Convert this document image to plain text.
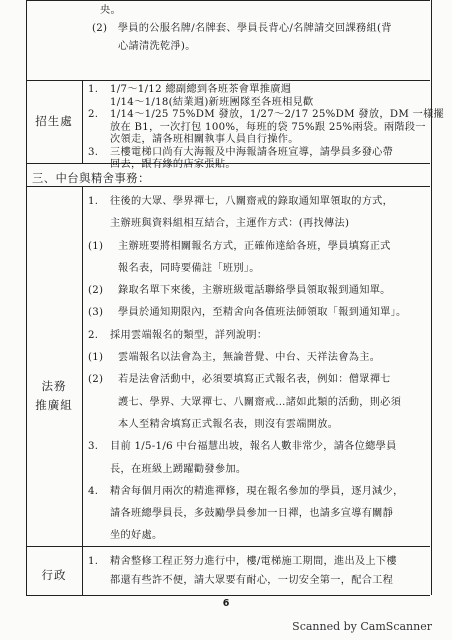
央。
(2)　學員的公服名牌/名牌套、學員長背心/名牌請交回課務組(背
心請清洗乾淨)。
招生處
1. 1/7～1/12 總副總到各班茶會單推廣週
1/14～1/18(結業週)新班團隊至各班相見歡
2. 1/14～1/25 75%DM 發放，1/27～2/17 25%DM 發放，DM 一樣擺
放在 B1，一次打包 100%，每班的袋 75%跟 25%兩袋。兩階段一
次領走，請各班相關執事人員自行操作。
3. 三樓電梯口尚有大海報及中海報請各班宣導，請學員多發心帶
回去，跟有緣的店家張貼。
三、中台與精舍事務：
法務
推廣組
1. 往後的大眾、學界禪七，八關齋戒的錄取通知單領取的方式，
主辦班與資料組相互結合，主運作方式：(再找傳法)
(1) 主辦班要將相關報名方式，正確佈達給各班，學員填寫正式
報名表，同時要備註「班別」。
(2) 錄取名單下來後，主辦班級電話聯絡學員領取報到通知單。
(3) 學員於通知期限內，至精舍向各值班法師領取「報到通知單」。
2. 採用雲端報名的類型，詳列說明：
(1) 雲端報名以法會為主，無論普覺、中台、天祥法會為主。
(2) 若是法會活動中，必須要填寫正式報名表，例如：僧眾禪七
護七、學界、大眾禪七、八關齋戒…諸如此類的活動，則必須
本人至精舍填寫正式報名表，則沒有雲端開放。
3. 目前 1/5-1/6 中台福慧出坡，報名人數非常少，請各位總學員
長，在班級上踴躍勸發參加。
4. 精舍每個月兩次的精進禪修，現在報名參加的學員，逐月減少，
請各班總學員長，多鼓勵學員參加一日禪，也請多宣導有關靜
坐的好處。
行政
1. 精舍整修工程正努力進行中，樓/電梯施工期間，進出及上下樓
都還有些許不便，請大眾要有耐心，一切安全第一，配合工程
6
Scanned by CamScanner
